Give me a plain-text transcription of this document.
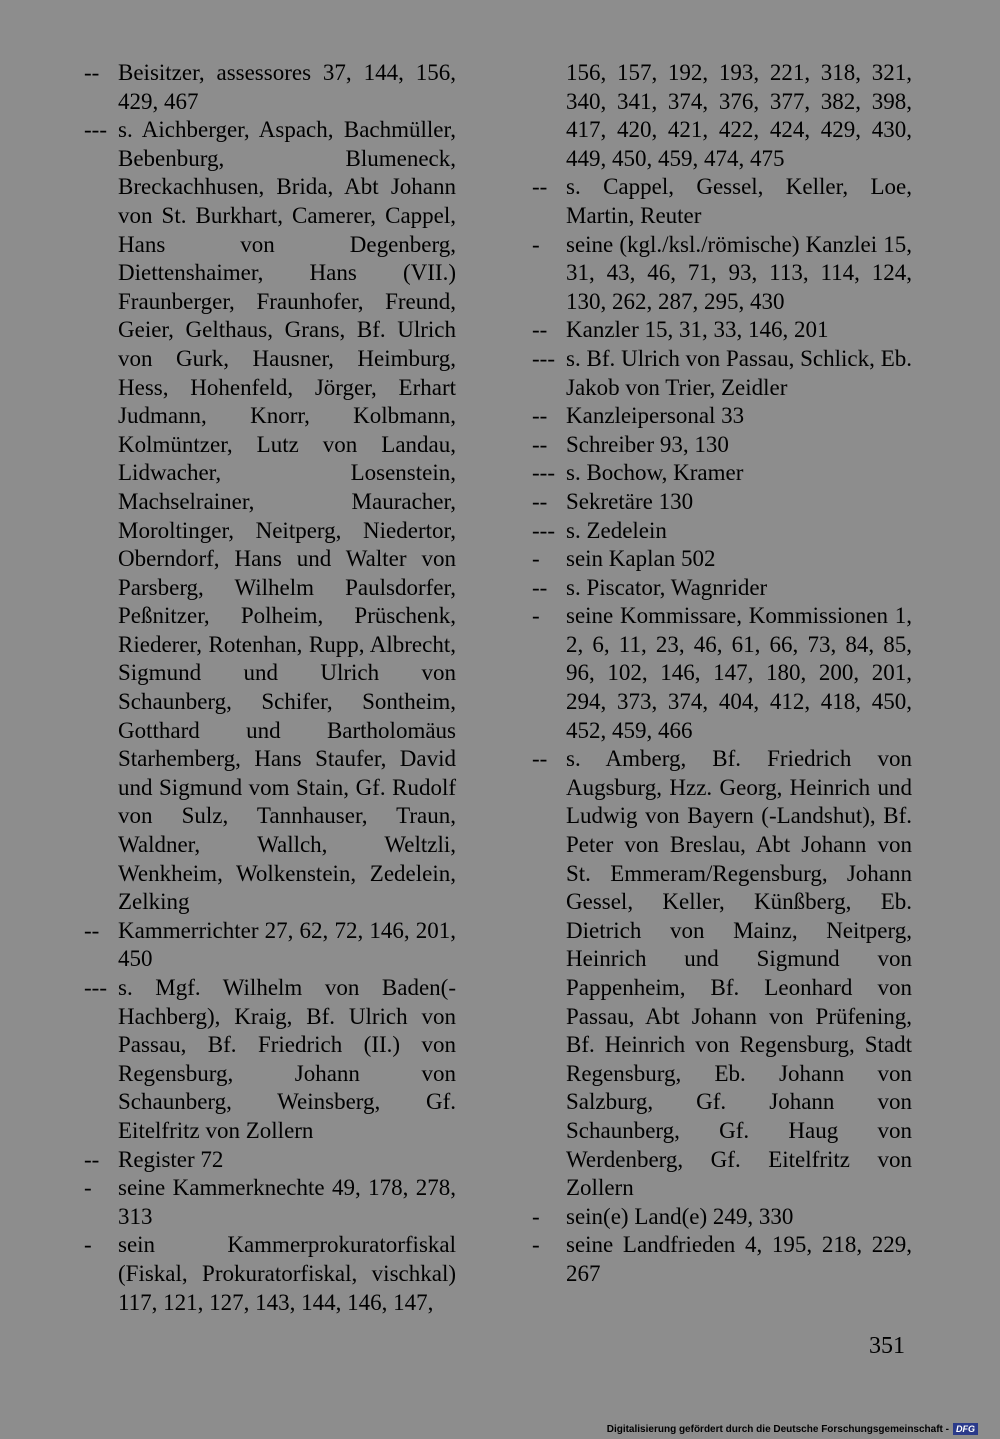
-- Beisitzer, assessores 37, 144, 156, 429, 467
--- s. Aichberger, Aspach, Bachmüller, Bebenburg, Blumeneck, Breckachhusen, Brida, Abt Johann von St. Burkhart, Camerer, Cappel, Hans von Degenberg, Diettenshaimer, Hans (VII.) Fraunberger, Fraunhofer, Freund, Geier, Gelthaus, Grans, Bf. Ulrich von Gurk, Hausner, Heimburg, Hess, Hohenfeld, Jörger, Erhart Judmann, Knorr, Kolbmann, Kolmüntzer, Lutz von Landau, Lidwacher, Losenstein, Machselrainer, Mauracher, Moroltinger, Neitperg, Niedertor, Oberndorf, Hans und Walter von Parsberg, Wilhelm Paulsdorfer, Peßnitzer, Polheim, Prüschenk, Riederer, Rotenhan, Rupp, Albrecht, Sigmund und Ulrich von Schaunberg, Schifer, Sontheim, Gotthard und Bartholomäus Starhemberg, Hans Staufer, David und Sigmund vom Stain, Gf. Rudolf von Sulz, Tannhauser, Traun, Waldner, Wallch, Weltzli, Wenkheim, Wolkenstein, Zedelein, Zelking
-- Kammerrichter 27, 62, 72, 146, 201, 450
--- s. Mgf. Wilhelm von Baden(-Hachberg), Kraig, Bf. Ulrich von Passau, Bf. Friedrich (II.) von Regensburg, Johann von Schaunberg, Weinsberg, Gf. Eitelfritz von Zollern
-- Register 72
-	seine Kammerknechte 49, 178, 278, 313
-	sein Kammerprokuratorfiskal (Fiskal, Prokuratorfiskal, vischkal) 117, 121, 127, 143, 144, 146, 147,
156, 157, 192, 193, 221, 318, 321, 340, 341, 374, 376, 377, 382, 398, 417, 420, 421, 422, 424, 429, 430, 449, 450, 459, 474, 475
-- s. Cappel, Gessel, Keller, Loe, Martin, Reuter
-	seine (kgl./ksl./römische) Kanzlei 15, 31, 43, 46, 71, 93, 113, 114, 124, 130, 262, 287, 295, 430
-- Kanzler 15, 31, 33, 146, 201
--- s. Bf. Ulrich von Passau, Schlick, Eb. Jakob von Trier, Zeidler
-- Kanzleipersonal 33
-- Schreiber 93, 130
--- s. Bochow, Kramer
-- Sekretäre 130
--- s. Zedelein
-	sein Kaplan 502
-- s. Piscator, Wagnrider
-	seine Kommissare, Kommissionen 1, 2, 6, 11, 23, 46, 61, 66, 73, 84, 85, 96, 102, 146, 147, 180, 200, 201, 294, 373, 374, 404, 412, 418, 450, 452, 459, 466
-- s. Amberg, Bf. Friedrich von Augsburg, Hzz. Georg, Heinrich und Ludwig von Bayern (-Landshut), Bf. Peter von Breslau, Abt Johann von St. Emmeram/Regensburg, Johann Gessel, Keller, Künßberg, Eb. Dietrich von Mainz, Neitperg, Heinrich und Sigmund von Pappenheim, Bf. Leonhard von Passau, Abt Johann von Prüfening, Bf. Heinrich von Regensburg, Stadt Regensburg, Eb. Johann von Salzburg, Gf. Johann von Schaunberg, Gf. Haug von Werdenberg, Gf. Eitelfritz von Zollern
-	sein(e) Land(e) 249, 330
-	seine Landfrieden 4, 195, 218, 229, 267
351
Digitalisierung gefördert durch die Deutsche Forschungsgemeinschaft - DFG
